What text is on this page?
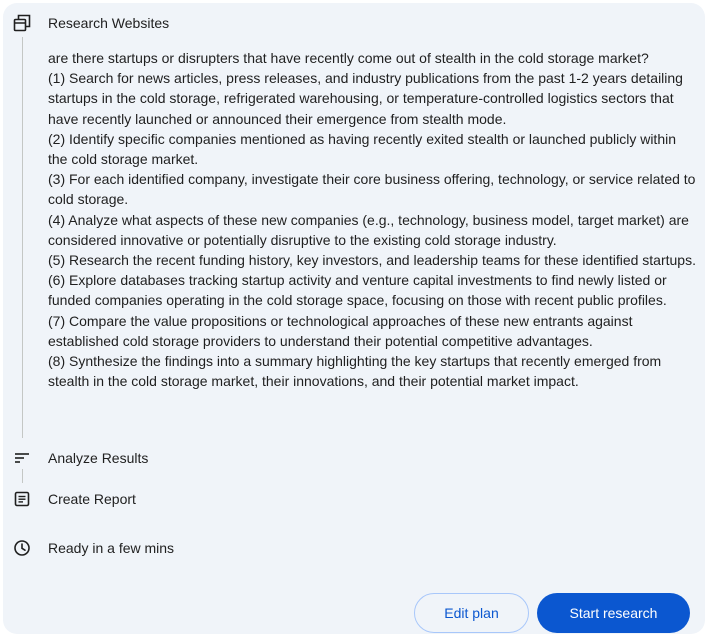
Research Websites
are there startups or disrupters that have recently come out of stealth in the cold storage market?
(1) Search for news articles, press releases, and industry publications from the past 1-2 years detailing startups in the cold storage, refrigerated warehousing, or temperature-controlled logistics sectors that have recently launched or announced their emergence from stealth mode.
(2) Identify specific companies mentioned as having recently exited stealth or launched publicly within the cold storage market.
(3) For each identified company, investigate their core business offering, technology, or service related to cold storage.
(4) Analyze what aspects of these new companies (e.g., technology, business model, target market) are considered innovative or potentially disruptive to the existing cold storage industry.
(5) Research the recent funding history, key investors, and leadership teams for these identified startups.
(6) Explore databases tracking startup activity and venture capital investments to find newly listed or funded companies operating in the cold storage space, focusing on those with recent public profiles.
(7) Compare the value propositions or technological approaches of these new entrants against established cold storage providers to understand their potential competitive advantages.
(8) Synthesize the findings into a summary highlighting the key startups that recently emerged from stealth in the cold storage market, their innovations, and their potential market impact.
Analyze Results
Create Report
Ready in a few mins
Edit plan	Start research
